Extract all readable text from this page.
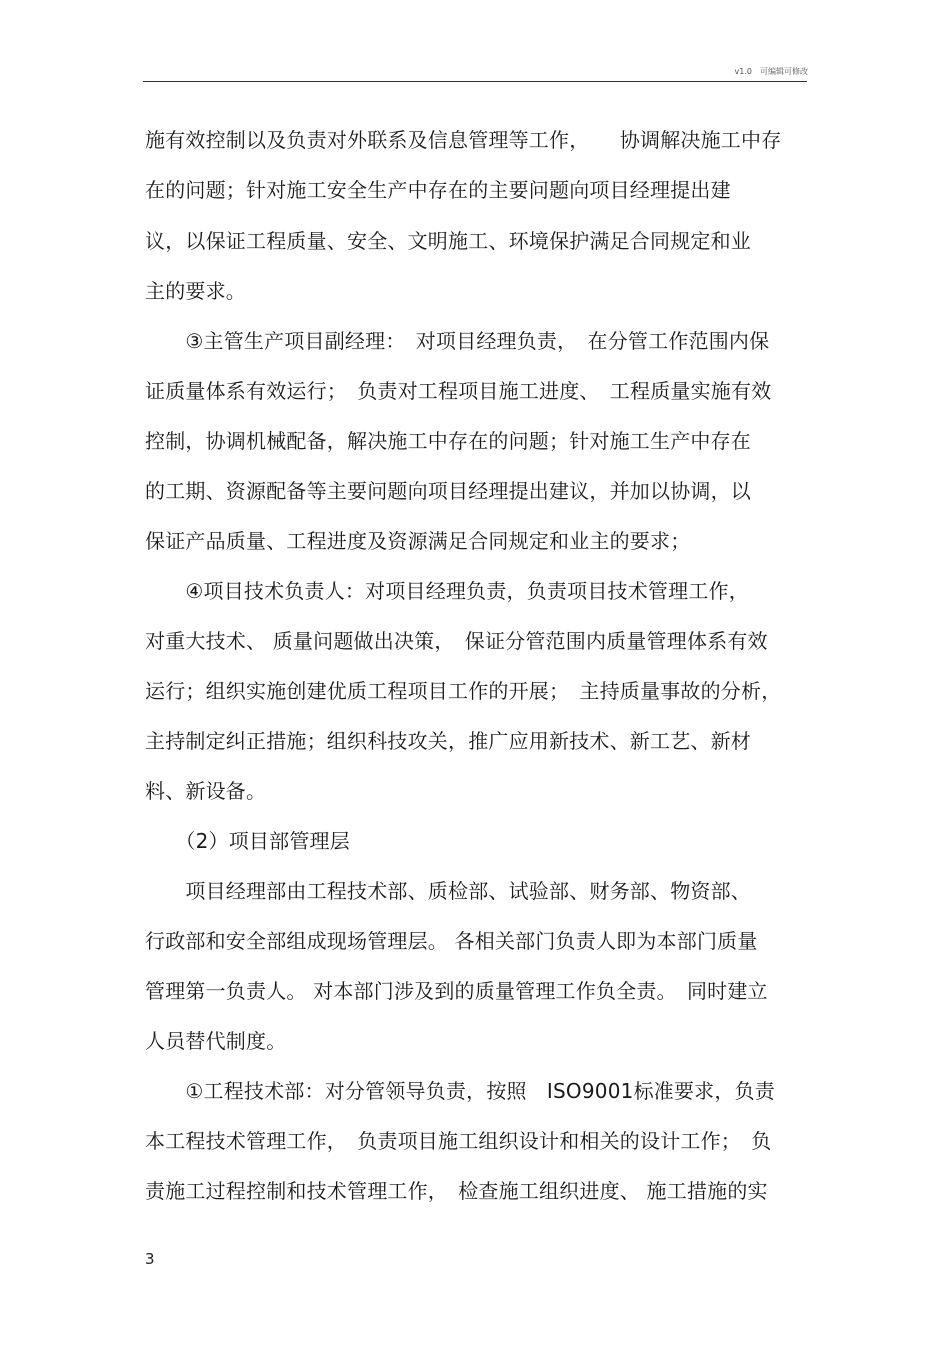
v1.0　可编辑可修改
施有效控制以及负责对外联系及信息管理等工作，　　协调解决施工中存
在的问题；针对施工安全生产中存在的主要问题向项目经理提出建
议，以保证工程质量、安全、文明施工、环境保护满足合同规定和业
主的要求。
　　③主管生产项目副经理：　对项目经理负责，　在分管工作范围内保
证质量体系有效运行；　负责对工程项目施工进度、　工程质量实施有效
控制，协调机械配备，解决施工中存在的问题；针对施工生产中存在
的工期、资源配备等主要问题向项目经理提出建议，并加以协调，以
保证产品质量、工程进度及资源满足合同规定和业主的要求；
　　④项目技术负责人：对项目经理负责，负责项目技术管理工作，
对重大技术、 质量问题做出决策，　保证分管范围内质量管理体系有效
运行；组织实施创建优质工程项目工作的开展；　主持质量事故的分析，
主持制定纠正措施；组织科技攻关，推广应用新技术、新工艺、新材
料、新设备。
　　（2）项目部管理层
　　项目经理部由工程技术部、质检部、试验部、财务部、物资部、
行政部和安全部组成现场管理层。 各相关部门负责人即为本部门质量
管理第一负责人。 对本部门涉及到的质量管理工作负全责。　同时建立
人员替代制度。
　　①工程技术部：对分管领导负责，按照　ISO9001标准要求，负责
本工程技术管理工作，　负责项目施工组织设计和相关的设计工作；　负
责施工过程控制和技术管理工作，　检查施工组织进度、 施工措施的实
3
